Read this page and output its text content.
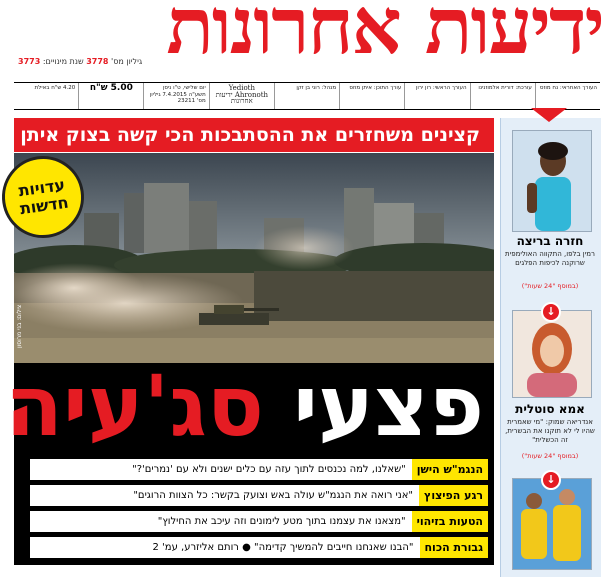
ידיעות אחרונות
גיליון מס' 3778 שנת מינויים: 3773
העורך האחראי: נח מוזס
עורכת: דורית אלמוזנינו
העורך הראשי: רון ירון
עורך התוכן: איתן מוזס
מנהל: רוני בן זקן
Yedioth Ahronoth ידיעות אחרונות
יום שלישי, ט"ו ניסן תשע"ה 7.4.2015 גיליון מס' 23211
5.00 ש"ח
4.20 ש"ח באילת
קצינים משחזרים את ההסתבכות הכי קשה בצוק איתן
צילום: בני מרוסון
עדויות
חדשות
פצעי סג'עיה
הנגמ"ש הישן
"שאלנו, למה נכנסים לתוך עזה עם כלים ישנים ולא עם 'נמרים'?"
רגע הפיצוץ
"אני רואה את הנגמ"ש עולה באש וצועק בקשר: כל הצוות הרוגים"
הטעות בזיהוי
"מצאנו את עצמנו בתוך מטע לימונים וזה עיכב את החילוץ"
גבורת הכוח
"הבנו שאנחנו חייבים להמשיך קדימה" ● רותם אליזרע, עמ' 2
חזרה בריצה
רמין בלפו, התקווה האולימפית שרוקנה לכיפות הפלגים
(במוסף "24 שעות")
↓
אמא סוטלית
אנדריאה שמוק: "מי שאמרית שהיו לי לא תוקנו את הבשרית, זה הכשלית"
(במוסף "24 שעות")
↓
